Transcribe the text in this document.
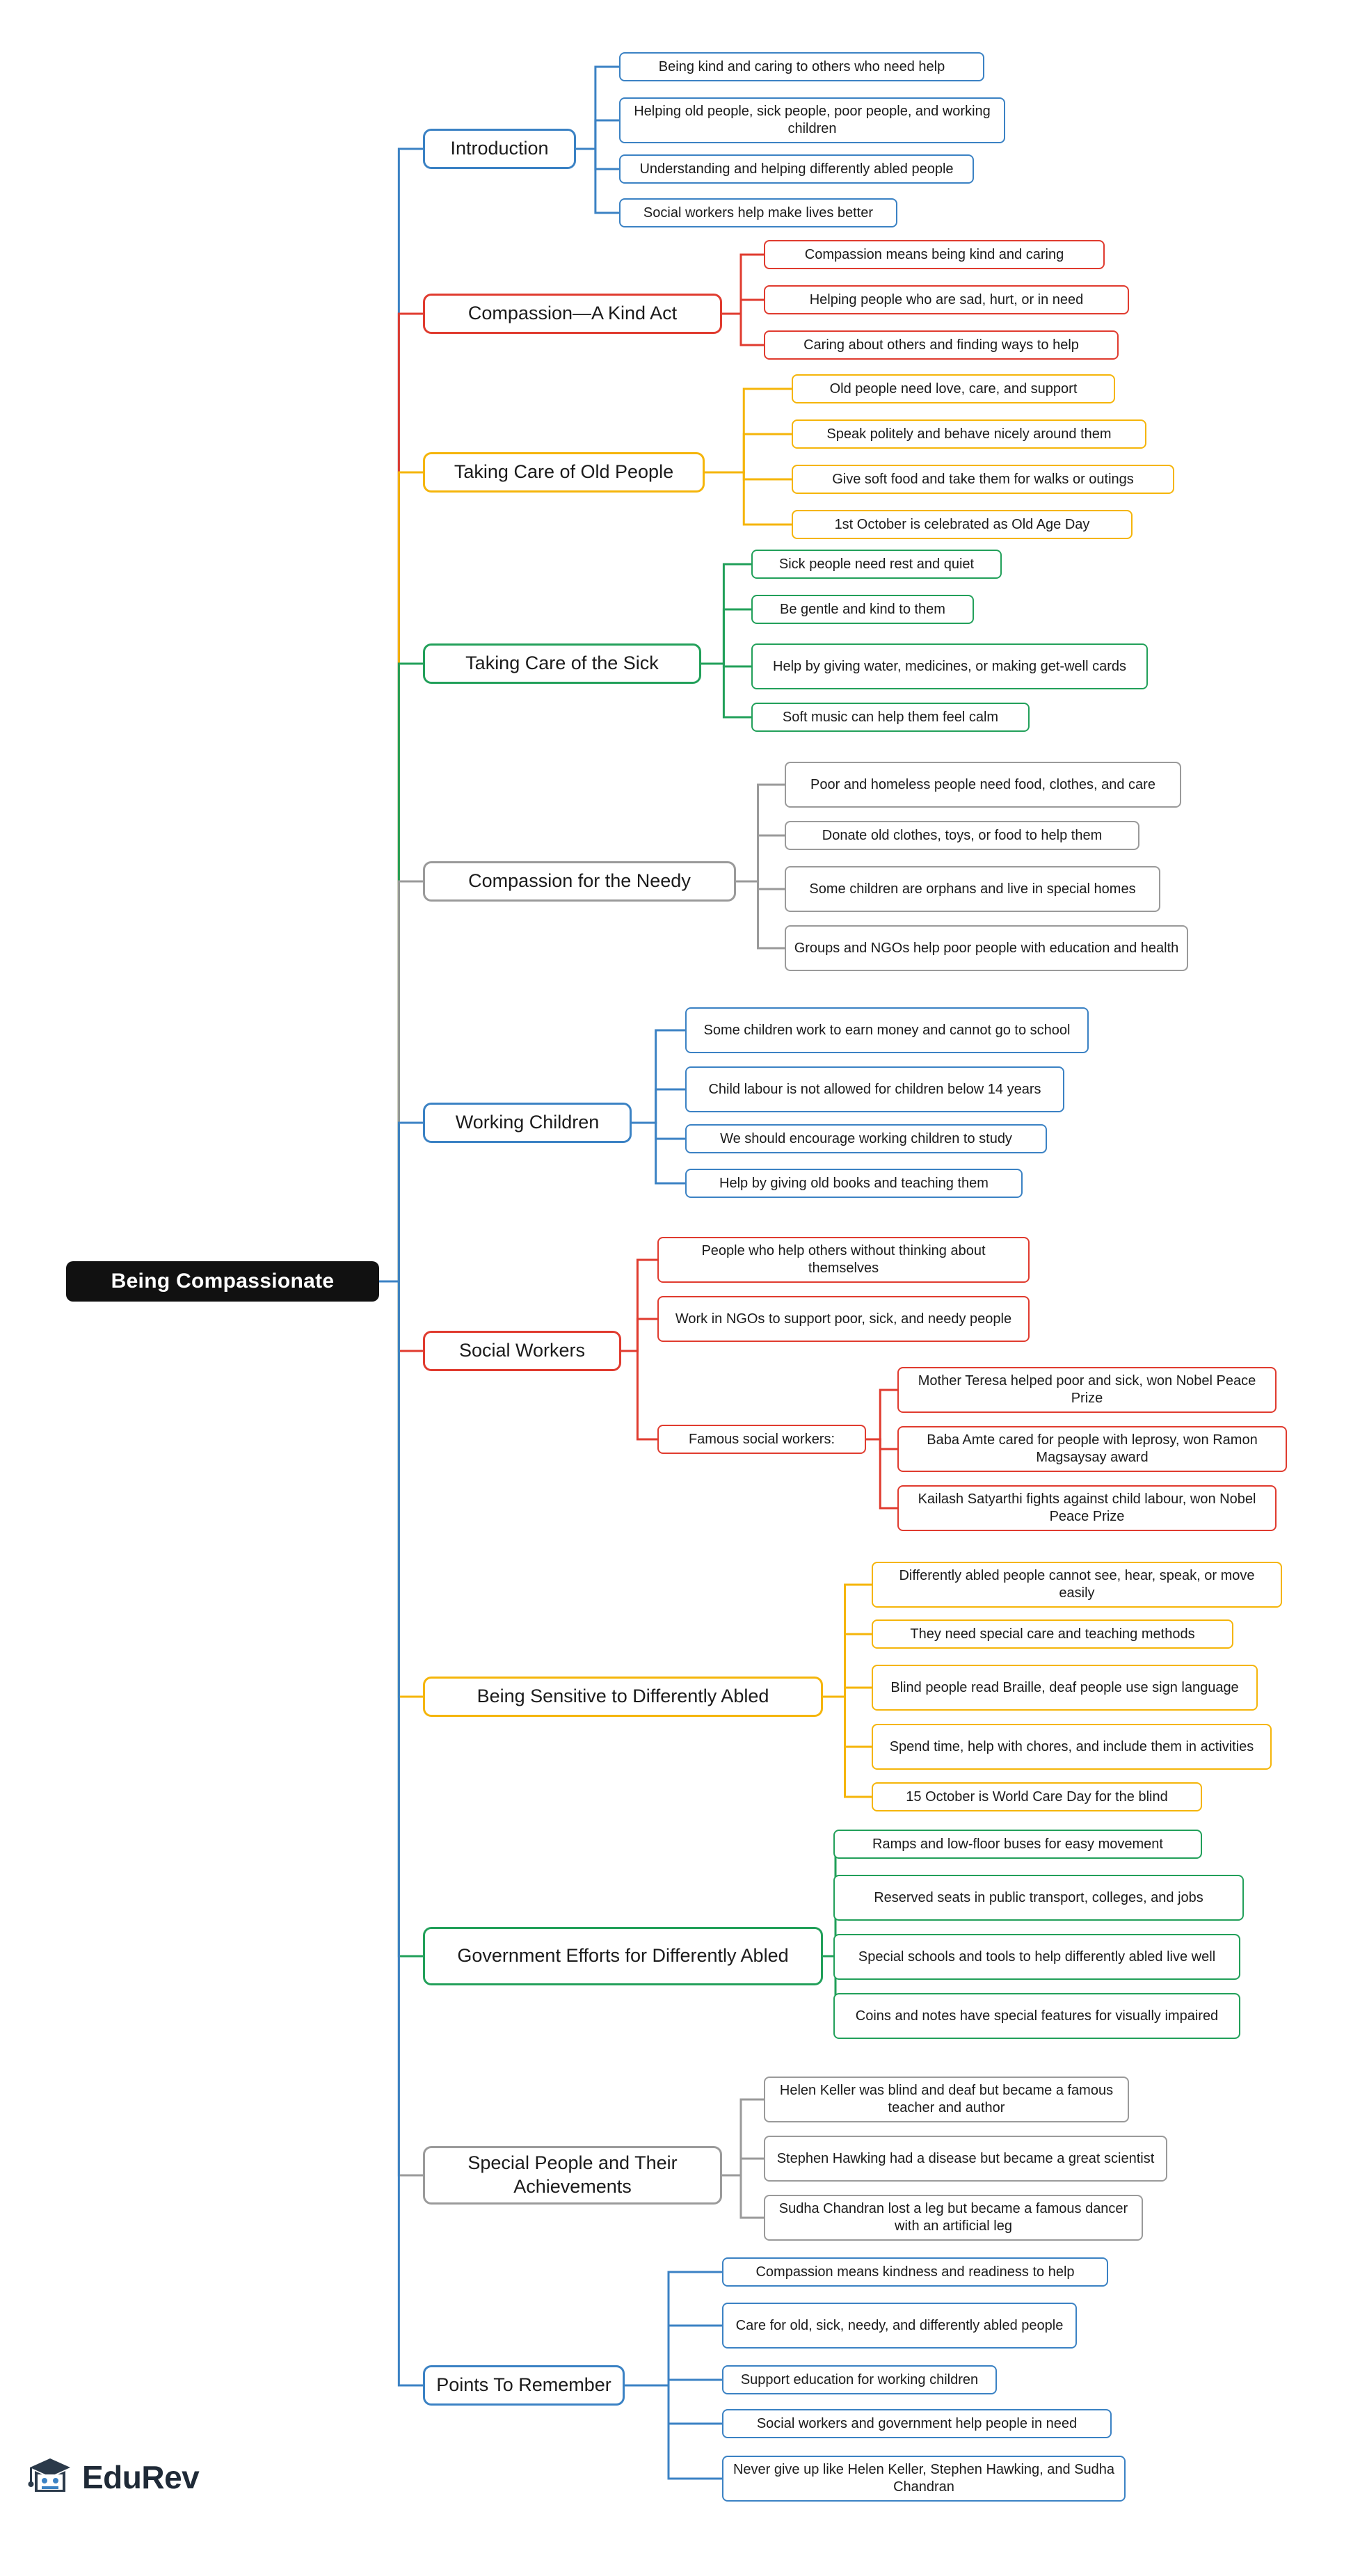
Being Compassionate
Introduction
Being kind and caring to others who need help
Helping old people, sick people, poor people, and working children
Understanding and helping differently abled people
Social workers help make lives better
Compassion—A Kind Act
Compassion means being kind and caring
Helping people who are sad, hurt, or in need
Caring about others and finding ways to help
Taking Care of Old People
Old people need love, care, and support
Speak politely and behave nicely around them
Give soft food and take them for walks or outings
1st October is celebrated as Old Age Day
Taking Care of the Sick
Sick people need rest and quiet
Be gentle and kind to them
Help by giving water, medicines, or making get-well cards
Soft music can help them feel calm
Compassion for the Needy
Poor and homeless people need food, clothes, and care
Donate old clothes, toys, or food to help them
Some children are orphans and live in special homes
Groups and NGOs help poor people with education and health
Working Children
Some children work to earn money and cannot go to school
Child labour is not allowed for children below 14 years
We should encourage working children to study
Help by giving old books and teaching them
Social Workers
People who help others without thinking about themselves
Work in NGOs to support poor, sick, and needy people
Famous social workers:
Mother Teresa helped poor and sick, won Nobel Peace Prize
Baba Amte cared for people with leprosy, won Ramon Magsaysay award
Kailash Satyarthi fights against child labour, won Nobel Peace Prize
Being Sensitive to Differently Abled
Differently abled people cannot see, hear, speak, or move easily
They need special care and teaching methods
Blind people read Braille, deaf people use sign language
Spend time, help with chores, and include them in activities
15 October is World Care Day for the blind
Government Efforts for Differently Abled
Ramps and low-floor buses for easy movement
Reserved seats in public transport, colleges, and jobs
Special schools and tools to help differently abled live well
Coins and notes have special features for visually impaired
Special People and Their Achievements
Helen Keller was blind and deaf but became a famous teacher and author
Stephen Hawking had a disease but became a great scientist
Sudha Chandran lost a leg but became a famous dancer with an artificial leg
Points To Remember
Compassion means kindness and readiness to help
Care for old, sick, needy, and differently abled people
Support education for working children
Social workers and government help people in need
Never give up like Helen Keller, Stephen Hawking, and Sudha Chandran
EduRev
